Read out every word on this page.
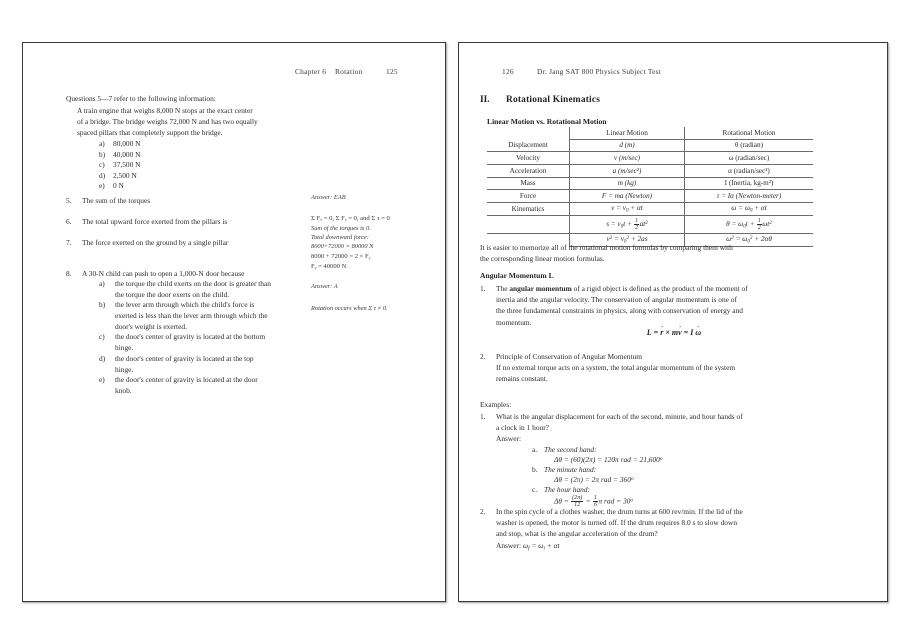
Chapter 6 Rotation	125
Questions 5—7 refer to the following information:
A train engine that weighs 8,000 N stops at the exact center
of a bridge. The bridge weighs 72,000 N and has two equally
spaced pillars that completely support the bridge.
a) 80,000 N
b) 40,000 N
c) 37,500 N
d) 2,500 N
e) 0 N
5. The sum of the torques
6. The total upward force exerted from the pillars is
7. The force exerted on the ground by a single pillar
8. A 30-N child can push to open a 1,000-N door because
a) the torque the child exerts on the door is greater than
the torque the door exerts on the child.
b) the lever arm through which the child's force is
exerted is less than the lever arm through which the
door's weight is exerted.
c) the door's center of gravity is located at the bottom
hinge.
d) the door's center of gravity is located at the top
hinge.
e) the door's center of gravity is located at the door
knob.
Answer: EAB
Σ Fₓ = 0, Σ Fᵧ = 0, and Σ τ = 0
Sum of the torques is 0.
Total downward force:
8000+72000 = 80000 N
8000 + 72000 = 2 × Fᵧ
Fᵧ = 40000 N
Answer: A
Rotation occurs when Σ τ ≠ 0.
126	Dr. Jang SAT 800 Physics Subject Test
II. Rotational Kinematics
Linear Motion vs. Rotational Motion
	Linear Motion	Rotational Motion
Displacement	d (m)	θ (radian)
Velocity	v (m/sec)	ω (radian/sec)
Acceleration	a (m/sec²)	α (radian/sec²)
Mass	m (kg)	I (Inertia, kg-m²)
Force	F = ma (Newton)	τ = Iα (Newton-meter)
Kinematics	$v = v_0 + \alpha t$	$\omega = \omega_0 + \alpha t$
	$s = v_0t + \frac{1}{2} at^2$	$\theta = \omega_0t + \frac{1}{2} \omega t^2$
	$v^2 = v_0^2 + 2as$	$\omega^2 = \omega_0^2 + 2\alpha\theta$
It is easier to memorize all of the rotational motion formulas by comparing them with
the corresponding linear motion formulas.
Angular Momentum L
1. The angular momentum of a rigid object is defined as the product of the moment of
inertia and the angular velocity. The conservation of angular momentum is one of
the three fundamental constraints in physics, along with conservation of energy and
momentum.
L = r → × mv → = I ω →
2. Principle of Conservation of Angular Momentum
If no external torque acts on a system, the total angular momentum of the system
remains constant.
Examples:
1. What is the angular displacement for each of the second, minute, and hour hands of
a clock in 1 hour?
Answer:
a. The second hand:
Δθ = (60)(2π) = 120π rad = $21,600^o$
b. The minute hand:
Δθ = (2π) = 2π rad = $360^o$
c. The hour hand:
$\Delta\theta = \frac{(2\pi)}{12} = \frac{1}{6}$ π rad = $30^o$
2. In the spin cycle of a clothes washer, the drum turns at 600 rev/min. If the lid of the
washer is opened, the motor is turned off. If the drum requires 8.0 s to slow down
and stop, what is the angular acceleration of the drum?
Answer: $\omega_f = \omega_i + \alpha t$
